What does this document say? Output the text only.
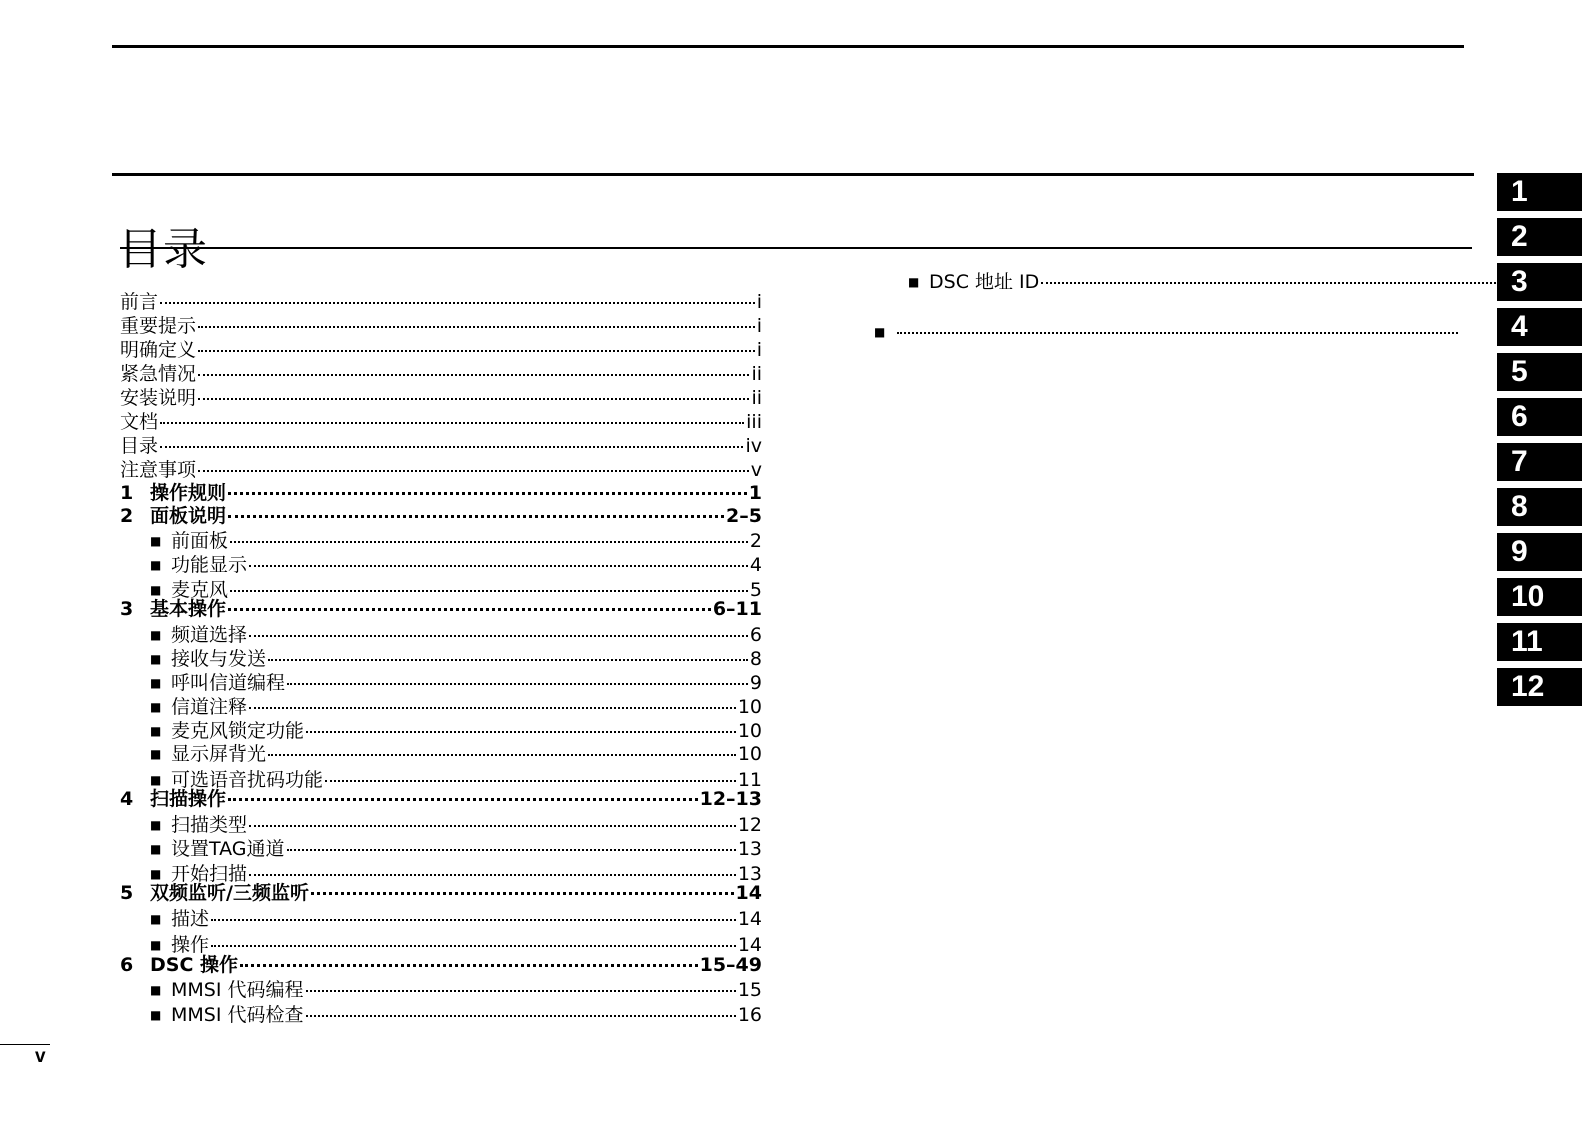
目录
前言	i
重要提示	i
明确定义	i
紧急情况	ii
安装说明	ii
文档	iii
目录	iv
注意事项	v
1 操作规则	1
2 面板说明	2–5
■ 前面板	2
■ 功能显示	4
■ 麦克风	5
3 基本操作	6–11
■ 频道选择	6
■ 接收与发送	8
■ 呼叫信道编程	9
■ 信道注释	10
■ 麦克风锁定功能	10
■ 显示屏背光	10
■ 可选语音扰码功能	11
4 扫描操作	12–13
■ 扫描类型	12
■ 设置TAG通道	13
■ 开始扫描	13
5 双频监听/三频监听	14
■ 描述	14
■ 操作	14
6 DSC 操作	15–49
■ MMSI 代码编程	15
■ MMSI 代码检查	16
■ DSC 地址 ID
■
1
2
3
4
5
6
7
8
9
10
11
12
v
